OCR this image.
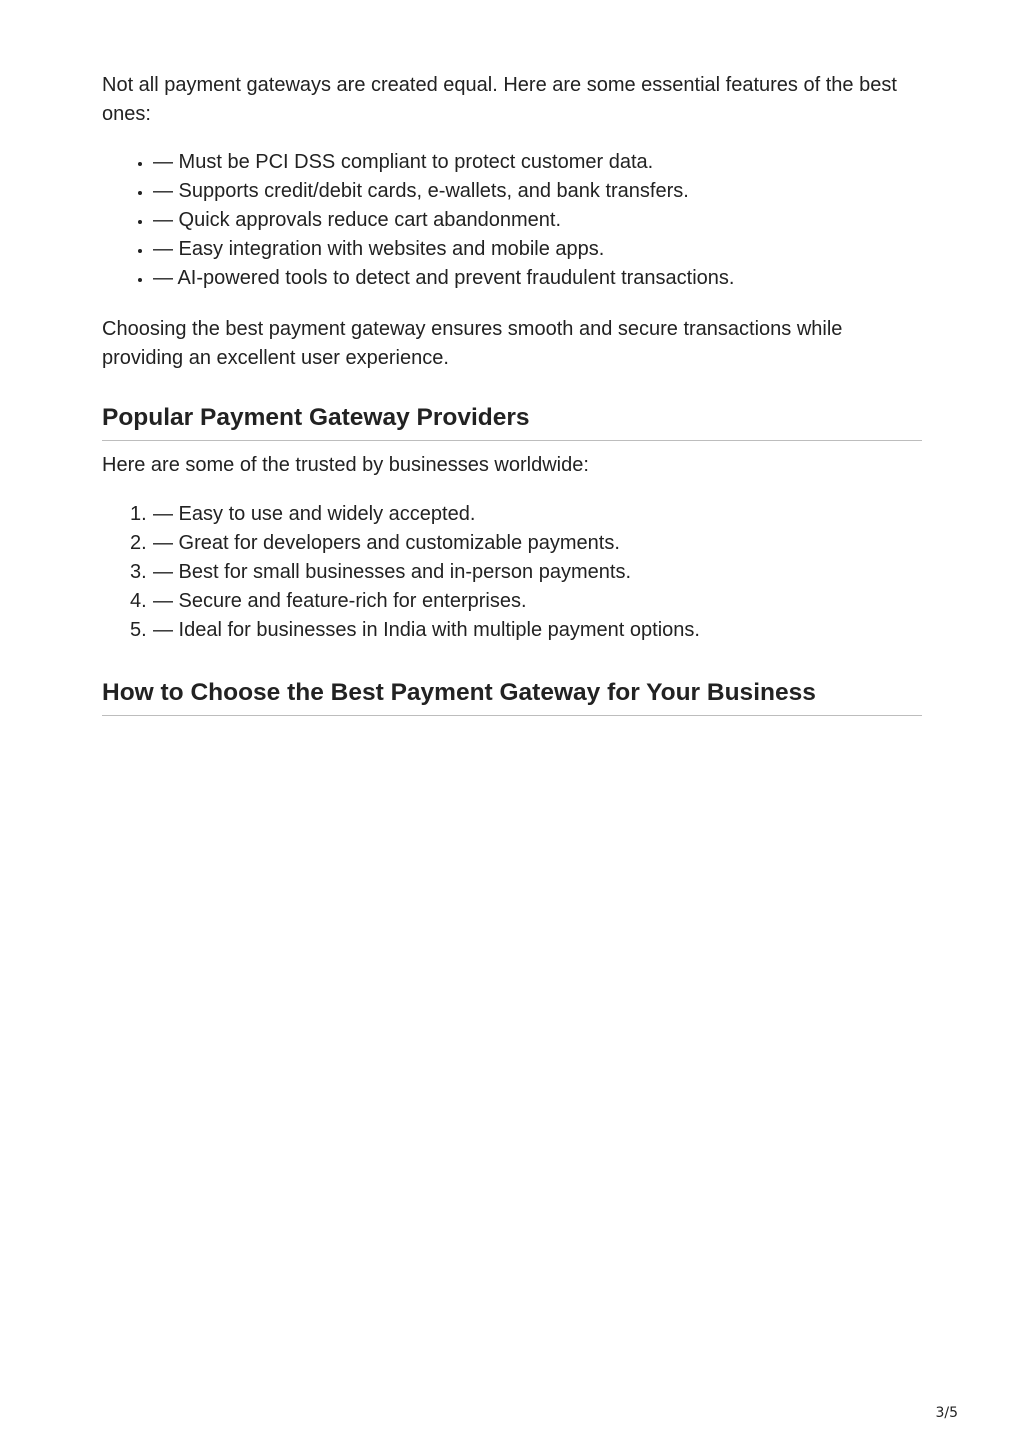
Not all payment gateways are created equal. Here are some essential features of the best ones:

• — Must be PCI DSS compliant to protect customer data.
• — Supports credit/debit cards, e-wallets, and bank transfers.
• — Quick approvals reduce cart abandonment.
• — Easy integration with websites and mobile apps.
• — AI-powered tools to detect and prevent fraudulent transactions.

Choosing the best payment gateway ensures smooth and secure transactions while providing an excellent user experience.

Popular Payment Gateway Providers

Here are some of the trusted by businesses worldwide:

1. — Easy to use and widely accepted.
2. — Great for developers and customizable payments.
3. — Best for small businesses and in-person payments.
4. — Secure and feature-rich for enterprises.
5. — Ideal for businesses in India with multiple payment options.
How to Choose the Best Payment Gateway for Your Business
3/5
